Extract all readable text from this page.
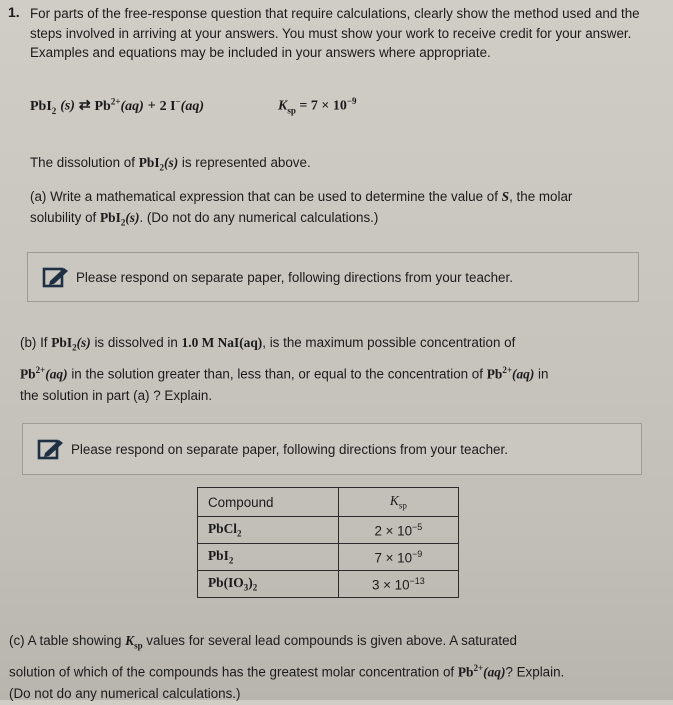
1. For parts of the free-response question that require calculations, clearly show the method used and the steps involved in arriving at your answers. You must show your work to receive credit for your answer. Examples and equations may be included in your answers where appropriate.
PbI$_2$ (s) ⇄ $Pb^{2+}(aq) + 2$ I−(aq)	$K_{sp} = 7 \times 10^{-9}$
The dissolution of PbI$_2$(s) is represented above.
(a) Write a mathematical expression that can be used to determine the value of S, the molar
solubility of PbI$_2$(s). (Do not do any numerical calculations.)
Please respond on separate paper, following directions from your teacher.
(b) If PbI$_2$(s) is dissolved in 1.0 M NaI(aq), is the maximum possible concentration of
$Pb^{2+}(aq)$ in the solution greater than, less than, or equal to the concentration of $Pb^{2+}(aq)$ in
the solution in part (a) ? Explain.
Please respond on separate paper, following directions from your teacher.
Compound	$K_{sp}$
PbCl$_2$	$2 \times 10^{-5}$
PbI$_2$	$7 \times 10^{-9}$
$Pb(IO_3)_2$	$3 \times 10^{-13}$
(c) A table showing $K_{sp}$ values for several lead compounds is given above. A saturated
solution of which of the compounds has the greatest molar concentration of $Pb^{2+}(aq)$? Explain.
(Do not do any numerical calculations.)
